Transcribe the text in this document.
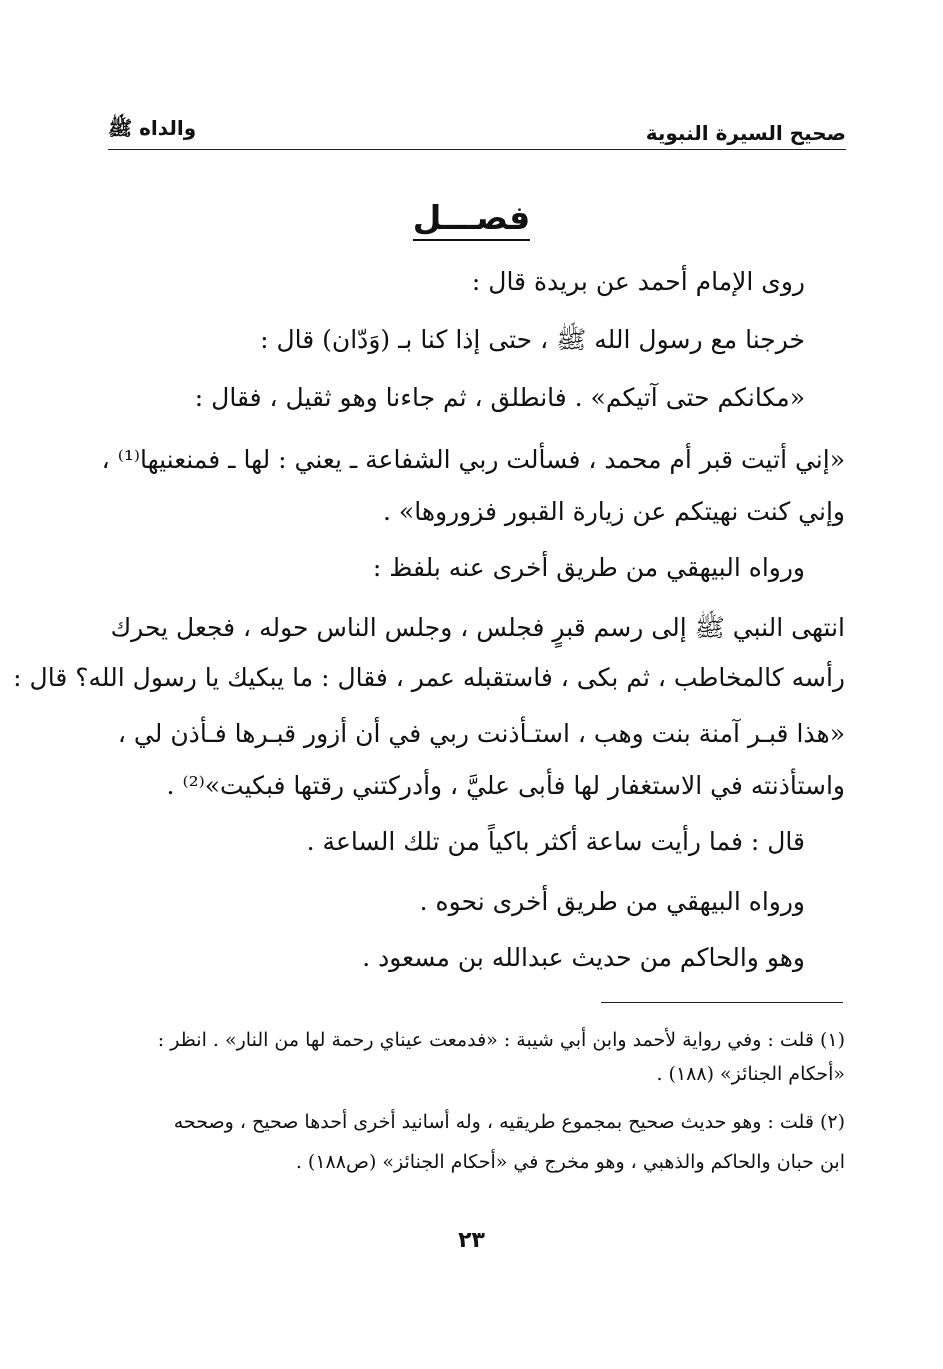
صحيح السيرة النبوية
والداه ﷺ
فصـــل
روى الإمام أحمد عن بريدة قال :
خرجنا مع رسول الله ﷺ ، حتى إذا كنا بـ (وَدّان) قال :
«مكانكم حتى آتيكم» . فانطلق ، ثم جاءنا وهو ثقيل ، فقال :
«إني أتيت قبر أم محمد ، فسألت ربي الشفاعة ـ يعني : لها ـ فمنعنيها⁽¹⁾ ،
وإني كنت نهيتكم عن زيارة القبور فزوروها» .
ورواه البيهقي من طريق أخرى عنه بلفظ :
انتهى النبي ﷺ إلى رسم قبرٍ فجلس ، وجلس الناس حوله ، فجعل يحرك
رأسه كالمخاطب ، ثم بكى ، فاستقبله عمر ، فقال : ما يبكيك يا رسول الله؟ قال :
«هذا قبـر آمنة بنت وهب ، استـأذنت ربي في أن أزور قبـرها فـأذن لي ،
واستأذنته في الاستغفار لها فأبى عليَّ ، وأدركتني رقتها فبكيت»⁽²⁾ .
قال : فما رأيت ساعة أكثر باكياً من تلك الساعة .
ورواه البيهقي من طريق أخرى نحوه .
وهو والحاكم من حديث عبدالله بن مسعود .
(١) قلت : وفي رواية لأحمد وابن أبي شيبة : «فدمعت عيناي رحمة لها من النار» . انظر :
«أحكام الجنائز» (١٨٨) .
(٢) قلت : وهو حديث صحيح بمجموع طريقيه ، وله أسانيد أخرى أحدها صحيح ، وصححه
ابن حبان والحاكم والذهبي ، وهو مخرج في «أحكام الجنائز» (ص١٨٨) .
٢٣
